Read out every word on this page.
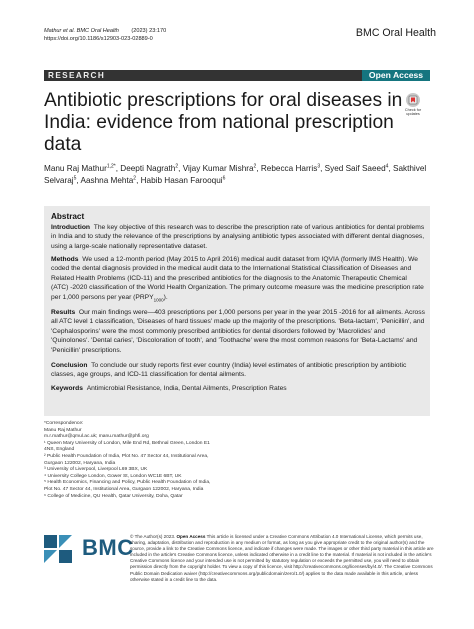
Mathur et al. BMC Oral Health (2023) 23:170
https://doi.org/10.1186/s12903-023-02889-0	BMC Oral Health
RESEARCH	Open Access
Check for
updates
Antibiotic prescriptions for oral diseases in India: evidence from national prescription data
Manu Raj Mathur$^{1,2*}$, Deepti Nagrath$^2$, Vijay Kumar Mishra$^2$, Rebecca Harris$^3$, Syed Saif Saeed$^4$, Sakthivel Selvaraj$^5$, Aashna Mehta$^2$, Habib Hasan Farooqui$^6$
Abstract
Introduction The key objective of this research was to describe the prescription rate of various antibiotics for dental problems in India and to study the relevance of the prescriptions by analysing antibiotic types associated with different dental diagnoses, using a large-scale nationally representative dataset.
Methods We used a 12-month period (May 2015 to April 2016) medical audit dataset from IQVIA (formerly IMS Health). We coded the dental diagnosis provided in the medical audit data to the International Statistical Classification of Diseases and Related Health Problems (ICD-11) and the prescribed antibiotics for the diagnosis to the Anatomic Therapeutic Chemical (ATC) -2020 classification of the World Health Organization. The primary outcome measure was the medicine prescription rate per 1,000 persons per year $(PRPY_{1000})$.
Results Our main findings were—403 prescriptions per 1,000 persons per year in the year 2015 -2016 for all ailments. Across all ATC level 1 classification, 'Diseases of hard tissues' made up the majority of the prescriptions. 'Beta-lactam', 'Penicillin', and 'Cephalosporins' were the most commonly prescribed antibiotics for dental disorders followed by 'Macrolides' and 'Quinolones'. 'Dental caries', 'Discoloration of tooth', and 'Toothache' were the most common reasons for 'Beta-Lactams' and 'Penicillin' prescriptions.
Conclusion To conclude our study reports first ever country (India) level estimates of antibiotic prescription by antibiotic classes, age groups, and ICD-11 classification for dental ailments.
Keywords Antimicrobial Resistance, India, Dental Ailments, Prescription Rates
*Correspondence:
Manu Raj Mathur
m.r.mathur@qmul.ac.uk; manu.mathur@phfi.org
¹ Queen Mary University of London, Mile End Rd, Bethnal Green, London E1 4NS, England
² Public Health Foundation of India, Plot No. 47 Sector 44, Institutional Area, Gurgaon 122002, Haryana, India
³ University of Liverpool, Liverpool L69 3BX, UK
⁴ University College London, Gower St, London WC1E 6BT, UK
⁵ Health Economics, Financing and Policy, Public Health Foundation of India, Plot No. 47 Sector 44, Institutional Area, Gurgaon 122002, Haryana, India
⁶ College of Medicine, QU Health, Qatar University, Doha, Qatar
BMC
© The Author(s) 2023. Open Access This article is licensed under a Creative Commons Attribution 4.0 International License, which permits use, sharing, adaptation, distribution and reproduction in any medium or format, as long as you give appropriate credit to the original author(s) and the source, provide a link to the Creative Commons licence, and indicate if changes were made. The images or other third party material in this article are included in the article's Creative Commons licence, unless indicated otherwise in a credit line to the material. If material is not included in the article's Creative Commons licence and your intended use is not permitted by statutory regulation or exceeds the permitted use, you will need to obtain permission directly from the copyright holder. To view a copy of this licence, visit http://creativecommons.org/licenses/by/4.0/. The Creative Commons Public Domain Dedication waiver (http://creativecommons.org/publicdomain/zero/1.0/) applies to the data made available in this article, unless otherwise stated in a credit line to the data.
